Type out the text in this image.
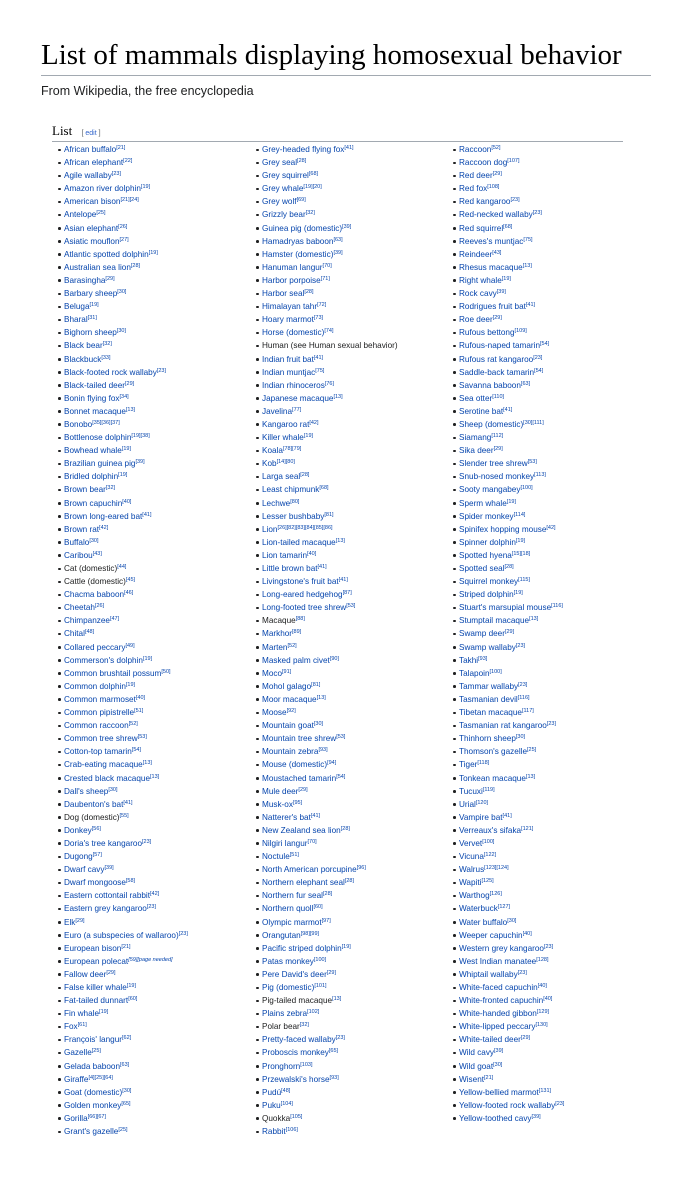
List of mammals displaying homosexual behavior
From Wikipedia, the free encyclopedia
List [ edit ]
African buffalo[21]
African elephant[22]
Agile wallaby[23]
Amazon river dolphin[19]
American bison[21][24]
Antelope[25]
Asian elephant[26]
Asiatic mouflon[27]
Atlantic spotted dolphin[19]
Australian sea lion[28]
Barasingha[29]
Barbary sheep[30]
Beluga[19]
Bharal[31]
Bighorn sheep[30]
Black bear[32]
Blackbuck[33]
Black-footed rock wallaby[23]
Black-tailed deer[29]
Bonin flying fox[34]
Bonnet macaque[13]
Bonobo[35][36][37]
Bottlenose dolphin[19][38]
Bowhead whale[19]
Brazilian guinea pig[39]
Bridled dolphin[19]
Brown bear[32]
Brown capuchin[40]
Brown long-eared bat[41]
Brown rat[42]
Buffalo[30]
Caribou[43]
Cat (domestic)[44]
Cattle (domestic)[45]
Chacma baboon[46]
Cheetah[26]
Chimpanzee[47]
Chital[48]
Collared peccary[49]
Commerson's dolphin[19]
Common brushtail possum[50]
Common dolphin[19]
Common marmoset[40]
Common pipistrelle[51]
Common raccoon[52]
Common tree shrew[53]
Cotton-top tamarin[54]
Crab-eating macaque[13]
Crested black macaque[13]
Dall's sheep[30]
Daubenton's bat[41]
Dog (domestic)[55]
Donkey[56]
Doria's tree kangaroo[23]
Dugong[57]
Dwarf cavy[39]
Dwarf mongoose[58]
Eastern cottontail rabbit[42]
Eastern grey kangaroo[23]
Elk[29]
Euro (a subspecies of wallaroo)[23]
European bison[21]
European polecat[59][page needed]
Fallow deer[29]
False killer whale[19]
Fat-tailed dunnart[60]
Fin whale[19]
Fox[61]
François' langur[62]
Gazelle[25]
Gelada baboon[63]
Giraffe[4][25][64]
Goat (domestic)[30]
Golden monkey[65]
Gorilla[66][67]
Grant's gazelle[25]
Grey-headed flying fox[41]
Grey seal[28]
Grey squirrel[68]
Grey whale[19][20]
Grey wolf[69]
Grizzly bear[32]
Guinea pig (domestic)[39]
Hamadryas baboon[63]
Hamster (domestic)[39]
Hanuman langur[70]
Harbor porpoise[71]
Harbor seal[28]
Himalayan tahr[72]
Hoary marmot[73]
Horse (domestic)[74]
Human (see Human sexual behavior)
Indian fruit bat[41]
Indian muntjac[75]
Indian rhinoceros[76]
Japanese macaque[13]
Javelina[77]
Kangaroo rat[42]
Killer whale[19]
Koala[78][79]
Kob[14][80]
Larga seal[28]
Least chipmunk[68]
Lechwe[80]
Lesser bushbaby[81]
Lion[26][82][83][84][85][86]
Lion-tailed macaque[13]
Lion tamarin[40]
Little brown bat[41]
Livingstone's fruit bat[41]
Long-eared hedgehog[87]
Long-footed tree shrew[53]
Macaque[88]
Markhor[89]
Marten[52]
Masked palm civet[90]
Moco[91]
Mohol galago[81]
Moor macaque[13]
Moose[92]
Mountain goat[30]
Mountain tree shrew[53]
Mountain zebra[93]
Mouse (domestic)[94]
Moustached tamarin[54]
Mule deer[29]
Musk-ox[95]
Natterer's bat[41]
New Zealand sea lion[28]
Nilgiri langur[70]
Noctule[51]
North American porcupine[96]
Northern elephant seal[28]
Northern fur seal[28]
Northern quoll[60]
Olympic marmot[97]
Orangutan[98][99]
Pacific striped dolphin[19]
Patas monkey[100]
Pere David's deer[29]
Pig (domestic)[101]
Pig-tailed macaque[13]
Plains zebra[102]
Polar bear[32]
Pretty-faced wallaby[23]
Proboscis monkey[65]
Pronghorn[103]
Przewalski's horse[93]
Pudú[48]
Puku[104]
Quokka[105]
Rabbit[106]
Raccoon[52]
Raccoon dog[107]
Red deer[29]
Red fox[108]
Red kangaroo[23]
Red-necked wallaby[23]
Red squirrel[68]
Reeves's muntjac[75]
Reindeer[43]
Rhesus macaque[13]
Right whale[19]
Rock cavy[39]
Rodrigues fruit bat[41]
Roe deer[29]
Rufous bettong[109]
Rufous-naped tamarin[54]
Rufous rat kangaroo[23]
Saddle-back tamarin[54]
Savanna baboon[63]
Sea otter[110]
Serotine bat[41]
Sheep (domestic)[30][111]
Siamang[112]
Sika deer[29]
Slender tree shrew[53]
Snub-nosed monkey[113]
Sooty mangabey[100]
Sperm whale[19]
Spider monkey[114]
Spinifex hopping mouse[42]
Spinner dolphin[19]
Spotted hyena[15][18]
Spotted seal[28]
Squirrel monkey[115]
Striped dolphin[19]
Stuart's marsupial mouse[116]
Stumptail macaque[13]
Swamp deer[29]
Swamp wallaby[23]
Takhi[93]
Talapoin[100]
Tammar wallaby[23]
Tasmanian devil[116]
Tibetan macaque[117]
Tasmanian rat kangaroo[23]
Thinhorn sheep[30]
Thomson's gazelle[25]
Tiger[118]
Tonkean macaque[13]
Tucuxi[119]
Urial[120]
Vampire bat[41]
Verreaux's sifaka[121]
Vervet[100]
Vicuna[122]
Walrus[123][124]
Wapiti[125]
Warthog[126]
Waterbuck[127]
Water buffalo[30]
Weeper capuchin[40]
Western grey kangaroo[23]
West Indian manatee[128]
Whiptail wallaby[23]
White-faced capuchin[40]
White-fronted capuchin[40]
White-handed gibbon[129]
White-lipped peccary[130]
White-tailed deer[29]
Wild cavy[39]
Wild goat[30]
Wisent[21]
Yellow-bellied marmot[131]
Yellow-footed rock wallaby[23]
Yellow-toothed cavy[39]
